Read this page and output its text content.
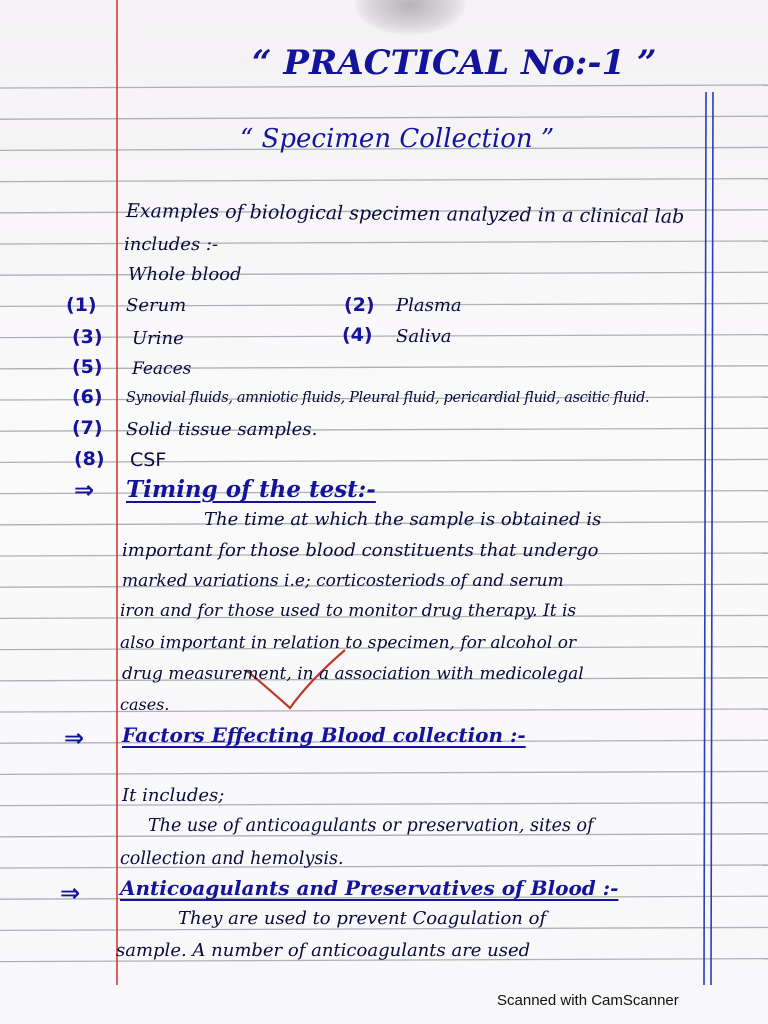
“ PRACTICAL No:-1 ”
“ Specimen Collection ”
Examples of biological specimen analyzed in a clinical lab
includes :-
Whole blood
(1) Serum	(2) Plasma
(3) Urine	(4) Saliva
(5) Feaces
(6) Synovial fluids, amniotic fluids, Pleural fluid, pericardial fluid, ascitic fluid.
(7) Solid tissue samples.
(8) CSF
⇒ Timing of the test:-
The time at which the sample is obtained is
important for those blood constituents that undergo
marked variations i.e; corticosteriods of and serum
iron and for those used to monitor drug therapy. It is
also important in relation to specimen, for alcohol or
drug measurement, in a association with medicolegal
cases.
⇒ Factors Effecting Blood collection :-
It includes;
The use of anticoagulants or preservation, sites of
collection and hemolysis.
⇒ Anticoagulants and Preservatives of Blood :-
They are used to prevent Coagulation of
sample. A number of anticoagulants are used
Scanned with CamScanner
